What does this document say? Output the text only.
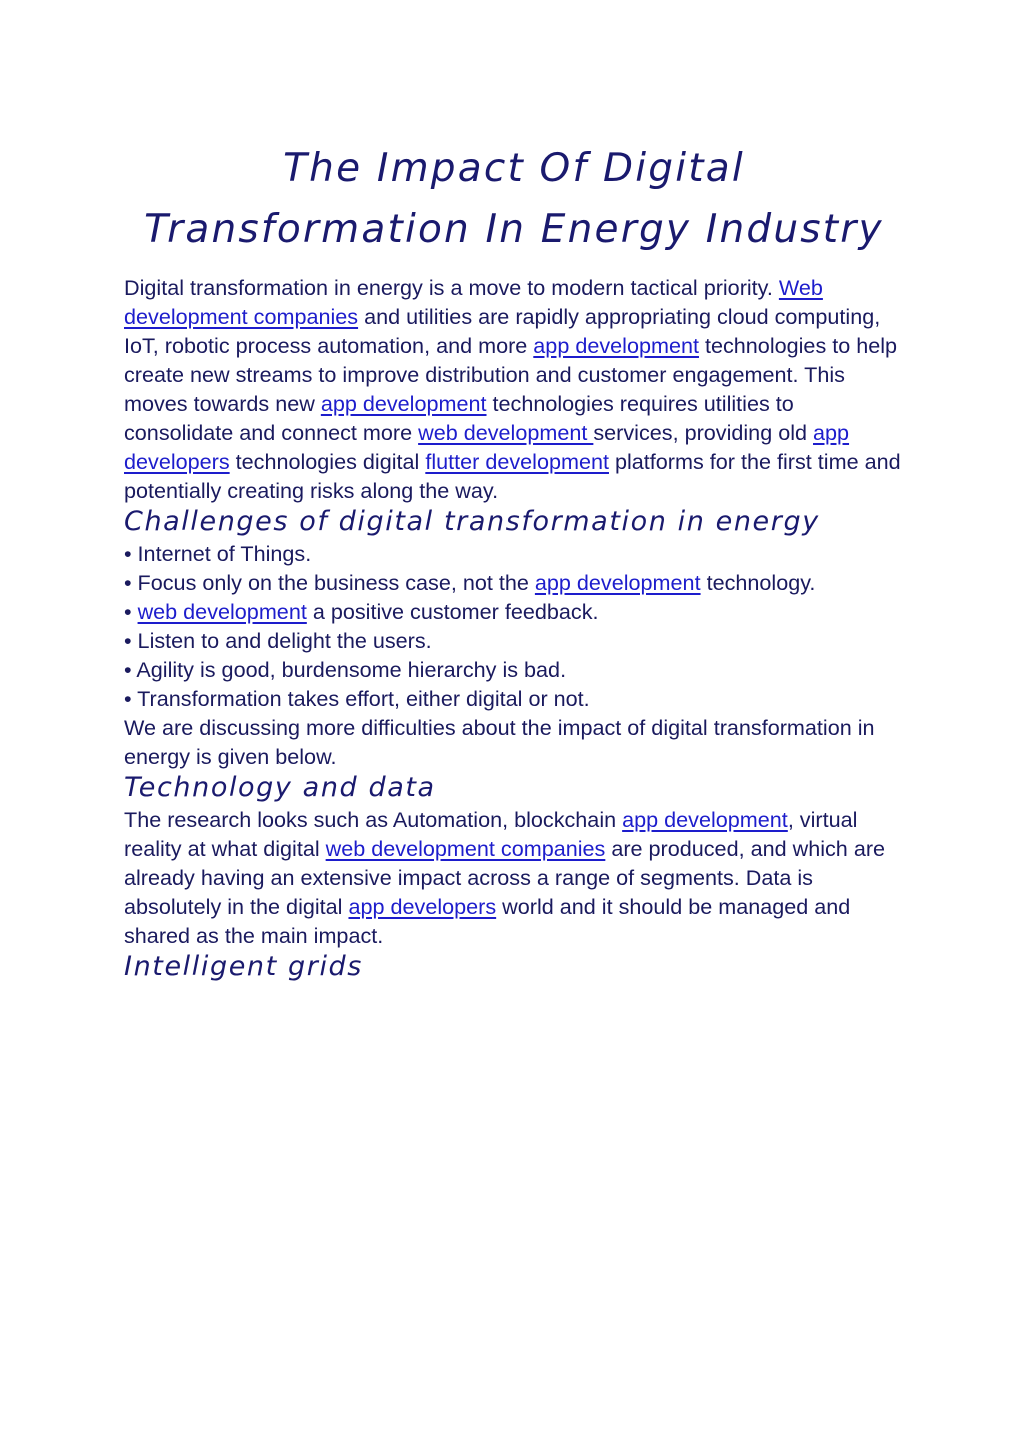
The Impact Of Digital Transformation In Energy Industry

Digital transformation in energy is a move to modern tactical priority. Web development companies and utilities are rapidly appropriating cloud computing, IoT, robotic process automation, and more app development technologies to help create new streams to improve distribution and customer engagement. This moves towards new app development technologies requires utilities to consolidate and connect more web development services, providing old app developers technologies digital flutter development platforms for the first time and potentially creating risks along the way.

Challenges of digital transformation in energy
• Internet of Things.
• Focus only on the business case, not the app development technology.
• web development a positive customer feedback.
• Listen to and delight the users.
• Agility is good, burdensome hierarchy is bad.
• Transformation takes effort, either digital or not.

We are discussing more difficulties about the impact of digital transformation in energy is given below.

Technology and data

The research looks such as Automation, blockchain app development, virtual reality at what digital web development companies are produced, and which are already having an extensive impact across a range of segments. Data is absolutely in the digital app developers world and it should be managed and shared as the main impact.

Intelligent grids
